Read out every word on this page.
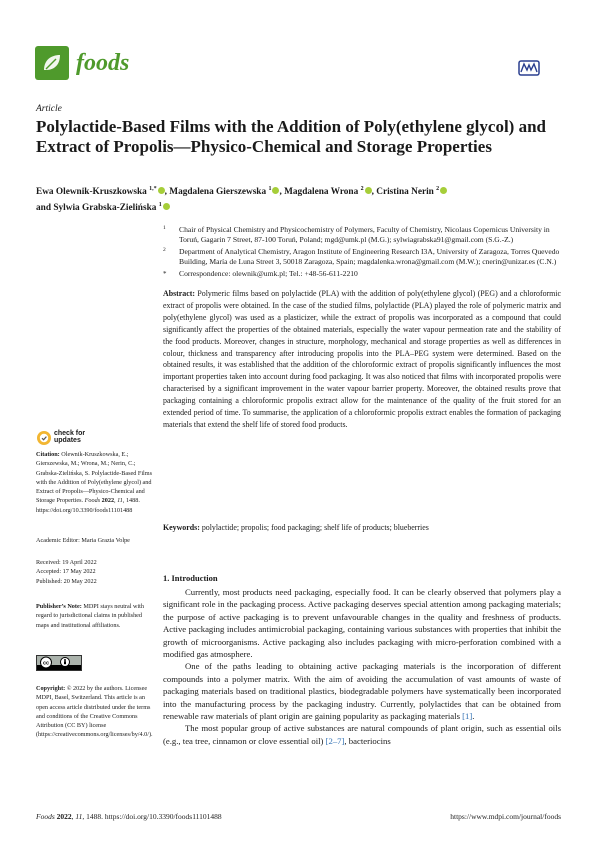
foods
Article
Polylactide-Based Films with the Addition of Poly(ethylene glycol) and Extract of Propolis—Physico-Chemical and Storage Properties
Ewa Olewnik-Kruszkowska $^{1,*}$ , Magdalena Gierszewska $^1$ , Magdalena Wrona $^2$ , Cristina Nerin $^2$
and Sylwia Grabska-Zielińska $^1$
1 Chair of Physical Chemistry and Physicochemistry of Polymers, Faculty of Chemistry, Nicolaus Copernicus University in Toruń, Gagarin 7 Street, 87-100 Toruń, Poland; mgd@umk.pl (M.G.); sylwiagrabska91@gmail.com (S.G.-Z.)
2 Department of Analytical Chemistry, Aragon Institute of Engineering Research I3A, University of Zaragoza, Torres Quevedo Building, María de Luna Street 3, 50018 Zaragoza, Spain; magdalenka.wrona@gmail.com (M.W.); cnerin@unizar.es (C.N.)
* Correspondence: olewnik@umk.pl; Tel.: +48-56-611-2210
Abstract: Polymeric films based on polylactide (PLA) with the addition of poly(ethylene glycol) (PEG) and a chloroformic extract of propolis were obtained. In the case of the studied films, polylactide (PLA) played the role of polymeric matrix and poly(ethylene glycol) was used as a plasticizer, while the extract of propolis was incorporated as a compound that could significantly affect the properties of the obtained materials, especially the water vapour permeation rate and the stability of the food products. Moreover, changes in structure, morphology, mechanical and storage properties as well as differences in colour, thickness and transparency after introducing propolis into the PLA–PEG system were determined. Based on the obtained results, it was established that the addition of the chloroformic extract of propolis significantly influences the most important properties taken into account during food packaging. It was also noticed that films with incorporated propolis were characterised by a significant improvement in the water vapour barrier property. Moreover, the obtained results prove that packaging containing a chloroformic propolis extract allow for the maintenance of the quality of the fruit stored for an extended period of time. To summarise, the application of a chloroformic propolis extract enables the formation of packaging materials that extend the shelf life of stored food products.
Keywords: polylactide; propolis; food packaging; shelf life of products; blueberries
check for
updates
Citation: Olewnik-Kruszkowska, E.; Gierszewska, M.; Wrona, M.; Nerin, C.; Grabska-Zielińska, S. Polylactide-Based Films with the Addition of Poly(ethylene glycol) and Extract of Propolis—Physico-Chemical and Storage Properties. Foods 2022, 11, 1488. https://doi.org/10.3390/foods11101488
Academic Editor: Maria Grazia Volpe
Received: 19 April 2022
Accepted: 17 May 2022
Published: 20 May 2022
Publisher’s Note: MDPI stays neutral with regard to jurisdictional claims in published maps and institutional affiliations.
cc
Copyright: © 2022 by the authors. Licensee MDPI, Basel, Switzerland. This article is an open access article distributed under the terms and conditions of the Creative Commons Attribution (CC BY) license (https://creativecommons.org/licenses/by/4.0/).
1. Introduction

Currently, most products need packaging, especially food. It can be clearly observed that polymers play a significant role in the packaging process. Active packaging deserves special attention among packaging materials; the purpose of active packaging is to prevent unfavourable changes in the quality and freshness of products. Active packaging includes antimicrobial packaging, containing various substances with properties that inhibit the growth of microorganisms. Active packaging also includes packaging with micro-perforation combined with a modified gas atmosphere.

One of the paths leading to obtaining active packaging materials is the incorporation of different compounds into a polymer matrix. With the aim of avoiding the accumulation of vast amounts of waste of packaging materials based on traditional plastics, biodegradable polymers have systematically been incorporated into the manufacturing process by the packaging industry. Currently, polylactides that can be obtained from renewable raw materials of plant origin are gaining popularity as packaging materials [1].

The most popular group of active substances are natural compounds of plant origin, such as essential oils (e.g., tea tree, cinnamon or clove essential oil) [2–7], bacteriocins

Foods 2022, 11, 1488. https://doi.org/10.3390/foods11101488	https://www.mdpi.com/journal/foods
